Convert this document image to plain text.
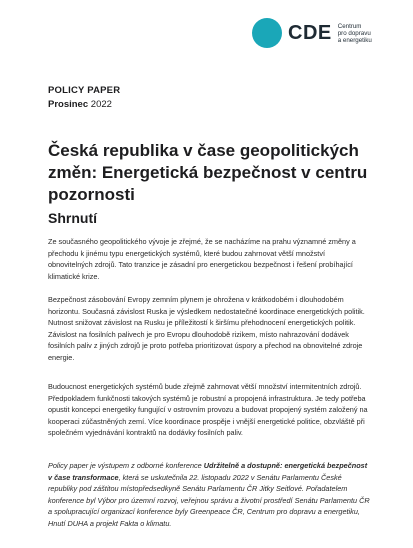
CDE Centrum
pro dopravu
a energetiku
POLICY PAPER
Prosinec 2022
Česká republika v čase geopolitických změn: Energetická bezpečnost v centru pozornosti
Shrnutí
Ze současného geopolitického vývoje je zřejmé, že se nacházíme na prahu významné změny a přechodu k jinému typu energetických systémů, které budou zahrnovat větší množství obnovitelných zdrojů. Tato tranzice je zásadní pro energetickou bezpečnost i řešení probíhající klimatické krize.
Bezpečnost zásobování Evropy zemním plynem je ohrožena v krátkodobém i dlouhodobém horizontu. Současná závislost Ruska je výsledkem nedostatečné koordinace energetických politik. Nutnost snižovat závislost na Rusku je příležitostí k širšímu přehodnocení energetických politik. Závislost na fosilních palivech je pro Evropu dlouhodobě rizikem, místo nahrazování dodávek fosilních paliv z jiných zdrojů je proto potřeba prioritizovat úspory a přechod na obnovitelné zdroje energie.
Budoucnost energetických systémů bude zřejmě zahrnovat větší množství intermitentních zdrojů. Předpokladem funkčnosti takových systémů je robustní a propojená infrastruktura. Je tedy potřeba opustit koncepci energetiky fungující v ostrovním provozu a budovat propojený systém založený na kooperaci zúčastněných zemí. Více koordinace prospěje i vnější energetické politice, obzvláště při společném vyjednávání kontraktů na dodávky fosilních paliv.
Policy paper je výstupem z odborné konference Udržitelně a dostupně: energetická bezpečnost v čase transformace, která se uskutečnila 22. listopadu 2022 v Senátu Parlamentu České republiky pod záštitou místopředsedkyně Senátu Parlamentu ČR Jitky Seitlové. Pořadatelem konference byl Výbor pro územní rozvoj, veřejnou správu a životní prostředí Senátu Parlamentu ČR a spolupracující organizací konference byly Greenpeace ČR, Centrum pro dopravu a energetiku, Hnutí DUHA a projekt Fakta o klimatu.
